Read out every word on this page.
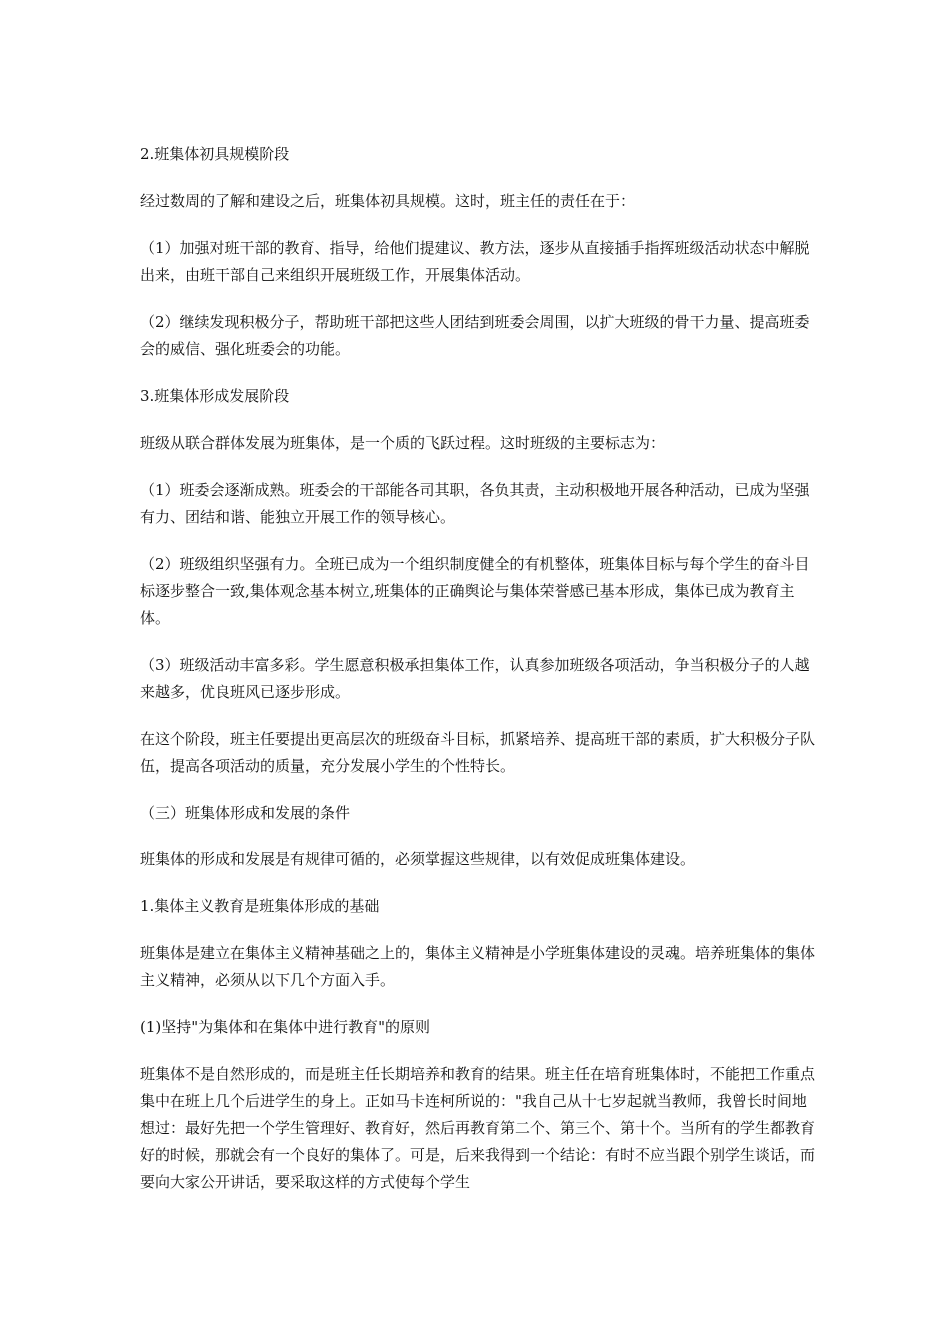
2.班集体初具规模阶段

经过数周的了解和建设之后，班集体初具规模。这时，班主任的责任在于：

（1）加强对班干部的教育、指导，给他们提建议、教方法，逐步从直接插手指挥班级活动状态中解脱出来，由班干部自己来组织开展班级工作，开展集体活动。

（2）继续发现积极分子，帮助班干部把这些人团结到班委会周围，以扩大班级的骨干力量、提高班委会的威信、强化班委会的功能。

3.班集体形成发展阶段

班级从联合群体发展为班集体，是一个质的飞跃过程。这时班级的主要标志为：

（1）班委会逐渐成熟。班委会的干部能各司其职，各负其责，主动积极地开展各种活动，已成为坚强有力、团结和谐、能独立开展工作的领导核心。

（2）班级组织坚强有力。全班已成为一个组织制度健全的有机整体，班集体目标与每个学生的奋斗目标逐步整合一致,集体观念基本树立,班集体的正确舆论与集体荣誉感已基本形成，集体已成为教育主体。

（3）班级活动丰富多彩。学生愿意积极承担集体工作，认真参加班级各项活动，争当积极分子的人越来越多，优良班风已逐步形成。

在这个阶段，班主任要提出更高层次的班级奋斗目标，抓紧培养、提高班干部的素质，扩大积极分子队伍，提高各项活动的质量，充分发展小学生的个性特长。

（三）班集体形成和发展的条件

班集体的形成和发展是有规律可循的，必须掌握这些规律，以有效促成班集体建设。

1.集体主义教育是班集体形成的基础

班集体是建立在集体主义精神基础之上的，集体主义精神是小学班集体建设的灵魂。培养班集体的集体主义精神，必须从以下几个方面入手。

(1)坚持"为集体和在集体中进行教育"的原则

班集体不是自然形成的，而是班主任长期培养和教育的结果。班主任在培育班集体时，不能把工作重点集中在班上几个后进学生的身上。正如马卡连柯所说的："我自己从十七岁起就当教师，我曾长时间地想过：最好先把一个学生管理好、教育好，然后再教育第二个、第三个、第十个。当所有的学生都教育好的时候，那就会有一个良好的集体了。可是，后来我得到一个结论：有时不应当跟个别学生谈话，而要向大家公开讲话，要采取这样的方式使每个学生
